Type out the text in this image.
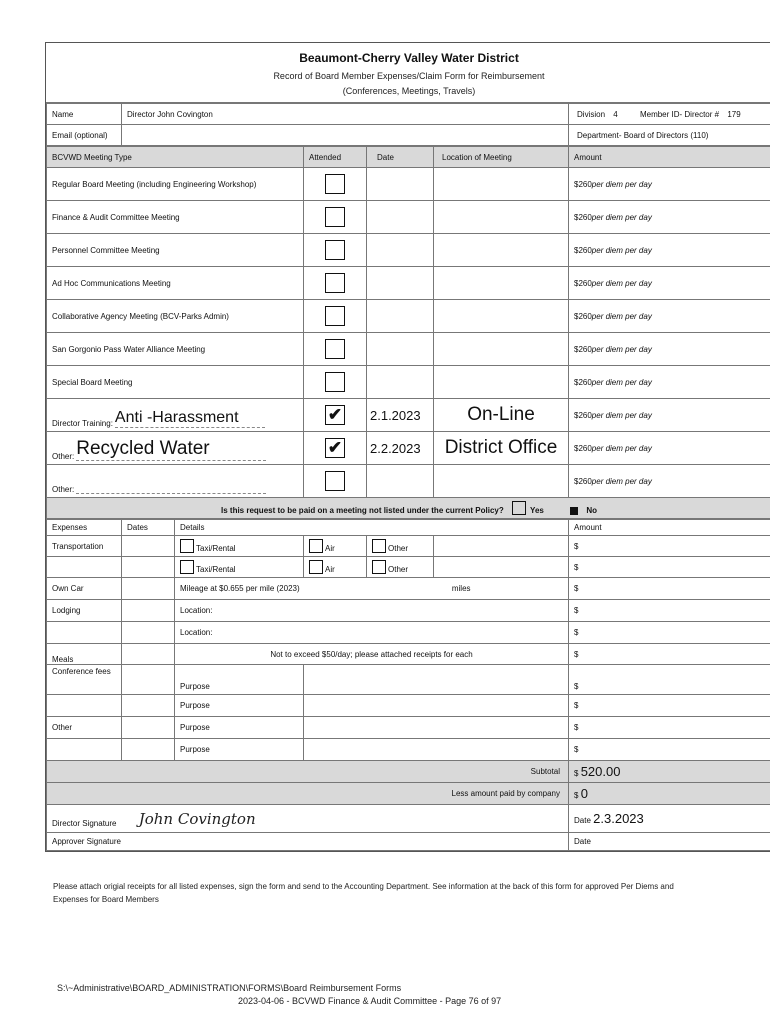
Beaumont-Cherry Valley Water District
Record of Board Member Expenses/Claim Form for Reimbursement
(Conferences, Meetings, Travels)
Name	Director John Covington	Division 4 Member ID- Director # 179
Email (optional)		Department- Board of Directors (110)
BCVWD Meeting Type	Attended	Date	Location of Meeting	Amount
Regular Board Meeting (including Engineering Workshop)				$260per diem per day
Finance & Audit Committee Meeting				$260per diem per day
Personnel Committee Meeting				$260per diem per day
Ad Hoc Communications Meeting				$260per diem per day
Collaborative Agency Meeting (BCV-Parks Admin)				$260per diem per day
San Gorgonio Pass Water Alliance Meeting				$260per diem per day
Special Board Meeting				$260per diem per day
Director Training: Anti -Harassment	✔	2.1.2023	On-Line	$260per diem per day
Other: Recycled Water	✔	2.2.2023	District Office	$260per diem per day
Other:				$260per diem per day
Is this request to be paid on a meeting not listed under the current Policy? Yes No				
Expenses	Dates	Details				Amount
Transportation		Taxi/Rental	Air	Other		$
		Taxi/Rental	Air	Other		$
Own Car		Mileage at $0.655 per mile (2023) miles				$
Lodging		Location:				$
		Location:				$
Meals		Not to exceed $50/day; please attached receipts for each				$
Conference fees		Purpose				$
		Purpose				$
Other		Purpose				$
		Purpose				$
Subtotal						$ 520.00
Less amount paid by company						$ 0
Director Signature John Covington						Date 2.3.2023
Approver Signature						Date
Please attach origial receipts for all listed expenses, sign the form and send to the Accounting Department. See information at the back of this form for approved Per Diems and Expenses for Board Members
S:\~Administrative\BOARD_ADMINISTRATION\FORMS\Board Reimbursement Forms
2023-04-06 - BCVWD Finance & Audit Committee - Page 76 of 97
